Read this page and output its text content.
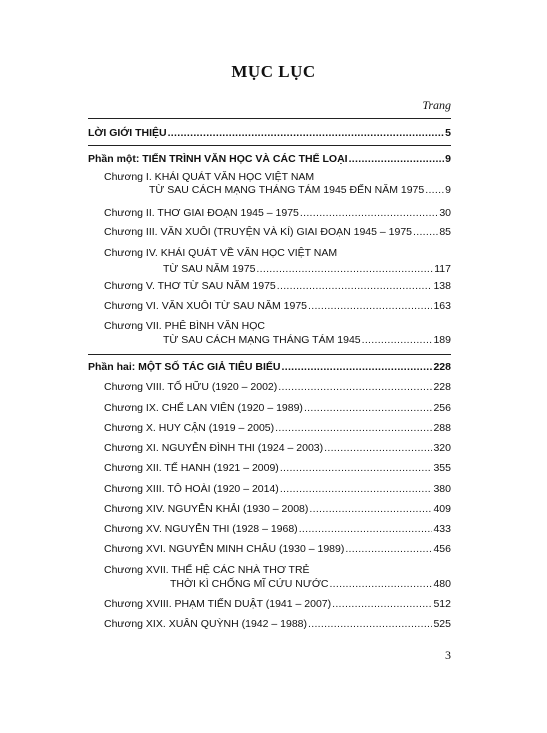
MỤC LỤC
Trang
LỜI GIỚI THIỆU .....	5
Phần một: TIẾN TRÌNH VĂN HỌC VÀ CÁC THỂ LOẠI .....	9
Chương I. KHÁI QUÁT VĂN HỌC VIỆT NAM
TỪ SAU CÁCH MẠNG THÁNG TÁM 1945 ĐẾN NĂM 1975 ..... 9
Chương II. THƠ GIAI ĐOẠN 1945 – 1975 .....	30
Chương III. VĂN XUÔI (TRUYỆN VÀ KÍ) GIAI ĐOẠN 1945 – 1975 .....	85
Chương IV. KHÁI QUÁT VỀ VĂN HỌC VIỆT NAM
TỪ SAU NĂM 1975 .....	117
Chương V. THƠ TỪ SAU NĂM 1975 .....	138
Chương VI. VĂN XUÔI TỪ SAU NĂM 1975 .....	163
Chương VII. PHÊ BÌNH VĂN HỌC
TỪ SAU CÁCH MẠNG THÁNG TÁM 1945 .....	189
Phần hai: MỘT SỐ TÁC GIẢ TIÊU BIỂU .....	228
Chương VIII. TỐ HỮU (1920 – 2002) .....	228
Chương IX. CHẾ LAN VIÊN (1920 – 1989) .....	256
Chương X. HUY CẬN (1919 – 2005) .....	288
Chương XI. NGUYỄN ĐÌNH THI (1924 – 2003) .....	320
Chương XII. TẾ HANH (1921 – 2009) .....	355
Chương XIII. TÔ HOÀI (1920 – 2014) .....	380
Chương XIV. NGUYỄN KHẢI (1930 – 2008) .....	409
Chương XV. NGUYỄN THI (1928 – 1968) .....	433
Chương XVI. NGUYỄN MINH CHÂU (1930 – 1989) .....	456
Chương XVII. THẾ HỆ CÁC NHÀ THƠ TRẺ
THỜI KÌ CHỐNG MĨ CỨU NƯỚC .....	480
Chương XVIII. PHẠM TIẾN DUẬT (1941 – 2007) .....	512
Chương XIX. XUÂN QUỲNH (1942 – 1988) .....	525
3
